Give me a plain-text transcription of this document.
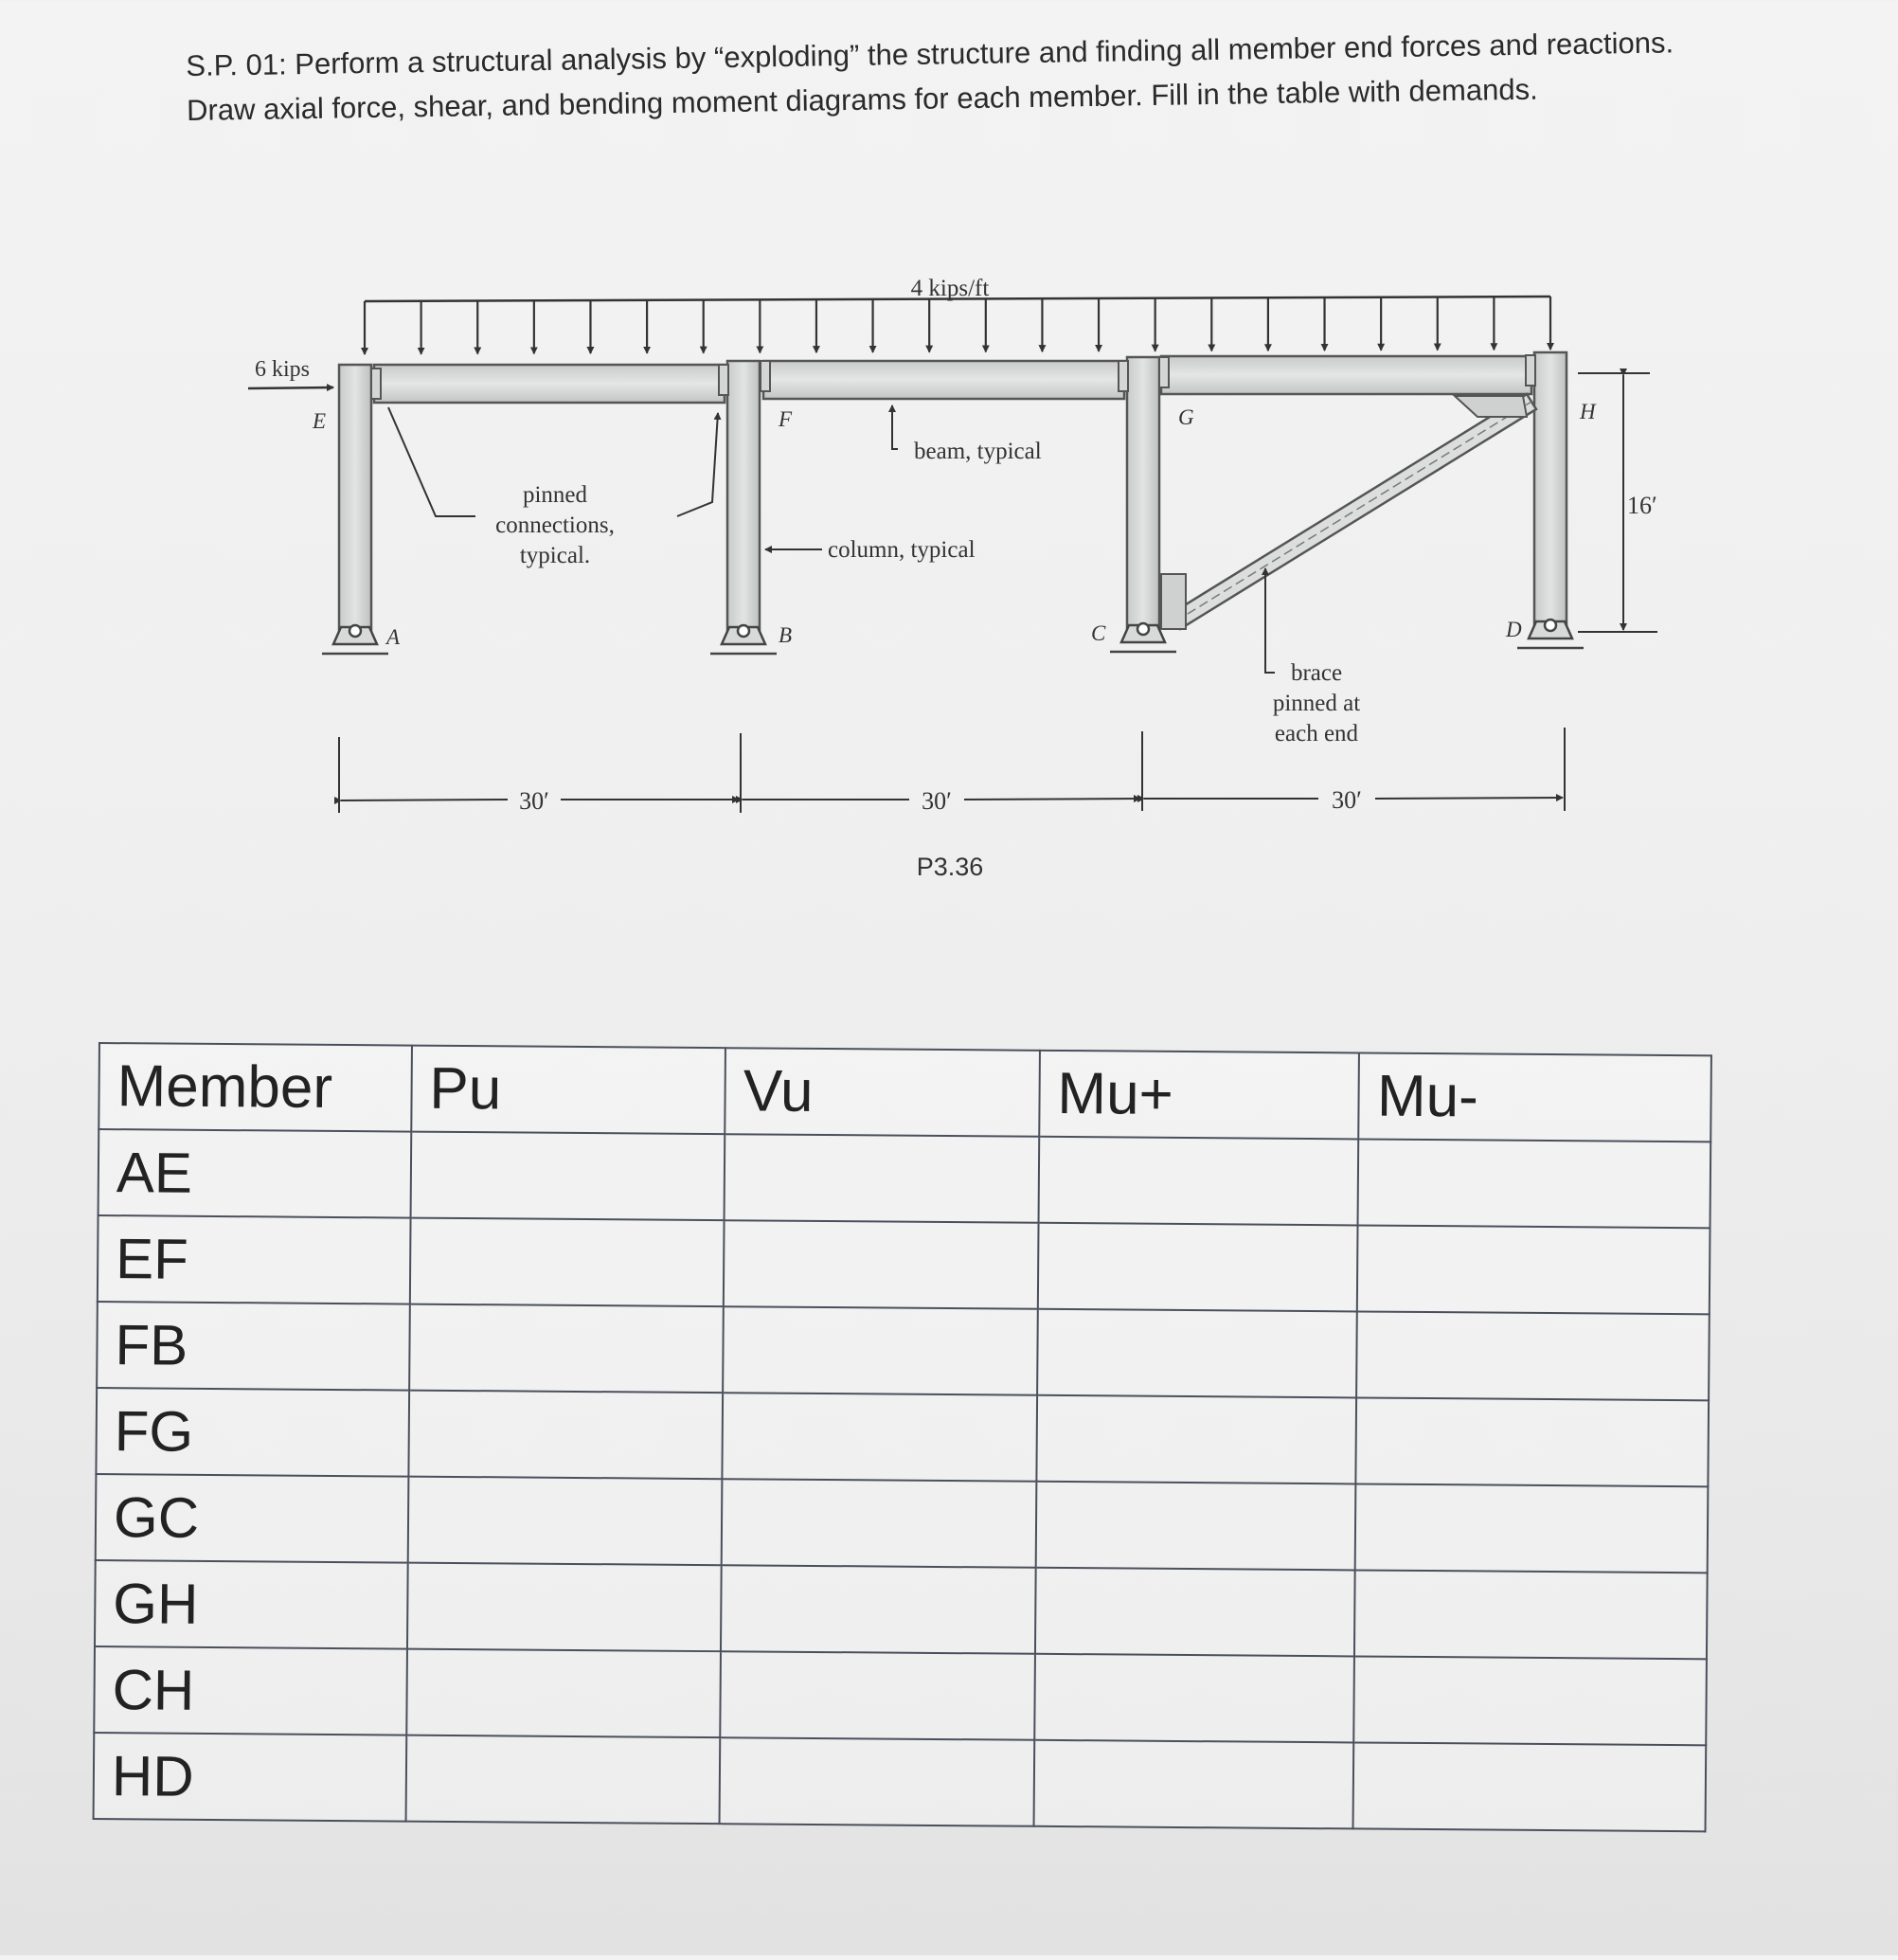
S.P. 01: Perform a structural analysis by “exploding” the structure and finding all member end forces and reactions. Draw axial force, shear, and bending moment diagrams for each member. Fill in the table with demands.

4 kips/ft
6 kips
pinned
connections,
typical.
beam, typical
column, typical
brace
pinned at
each end
A	B	C	D
E	F	G	H
16′
30′	30′	30′
P3.36
Member	Pu	Vu	Mu+	Mu-
AE				
EF				
FB				
FG				
GC				
GH				
CH				
HD				
